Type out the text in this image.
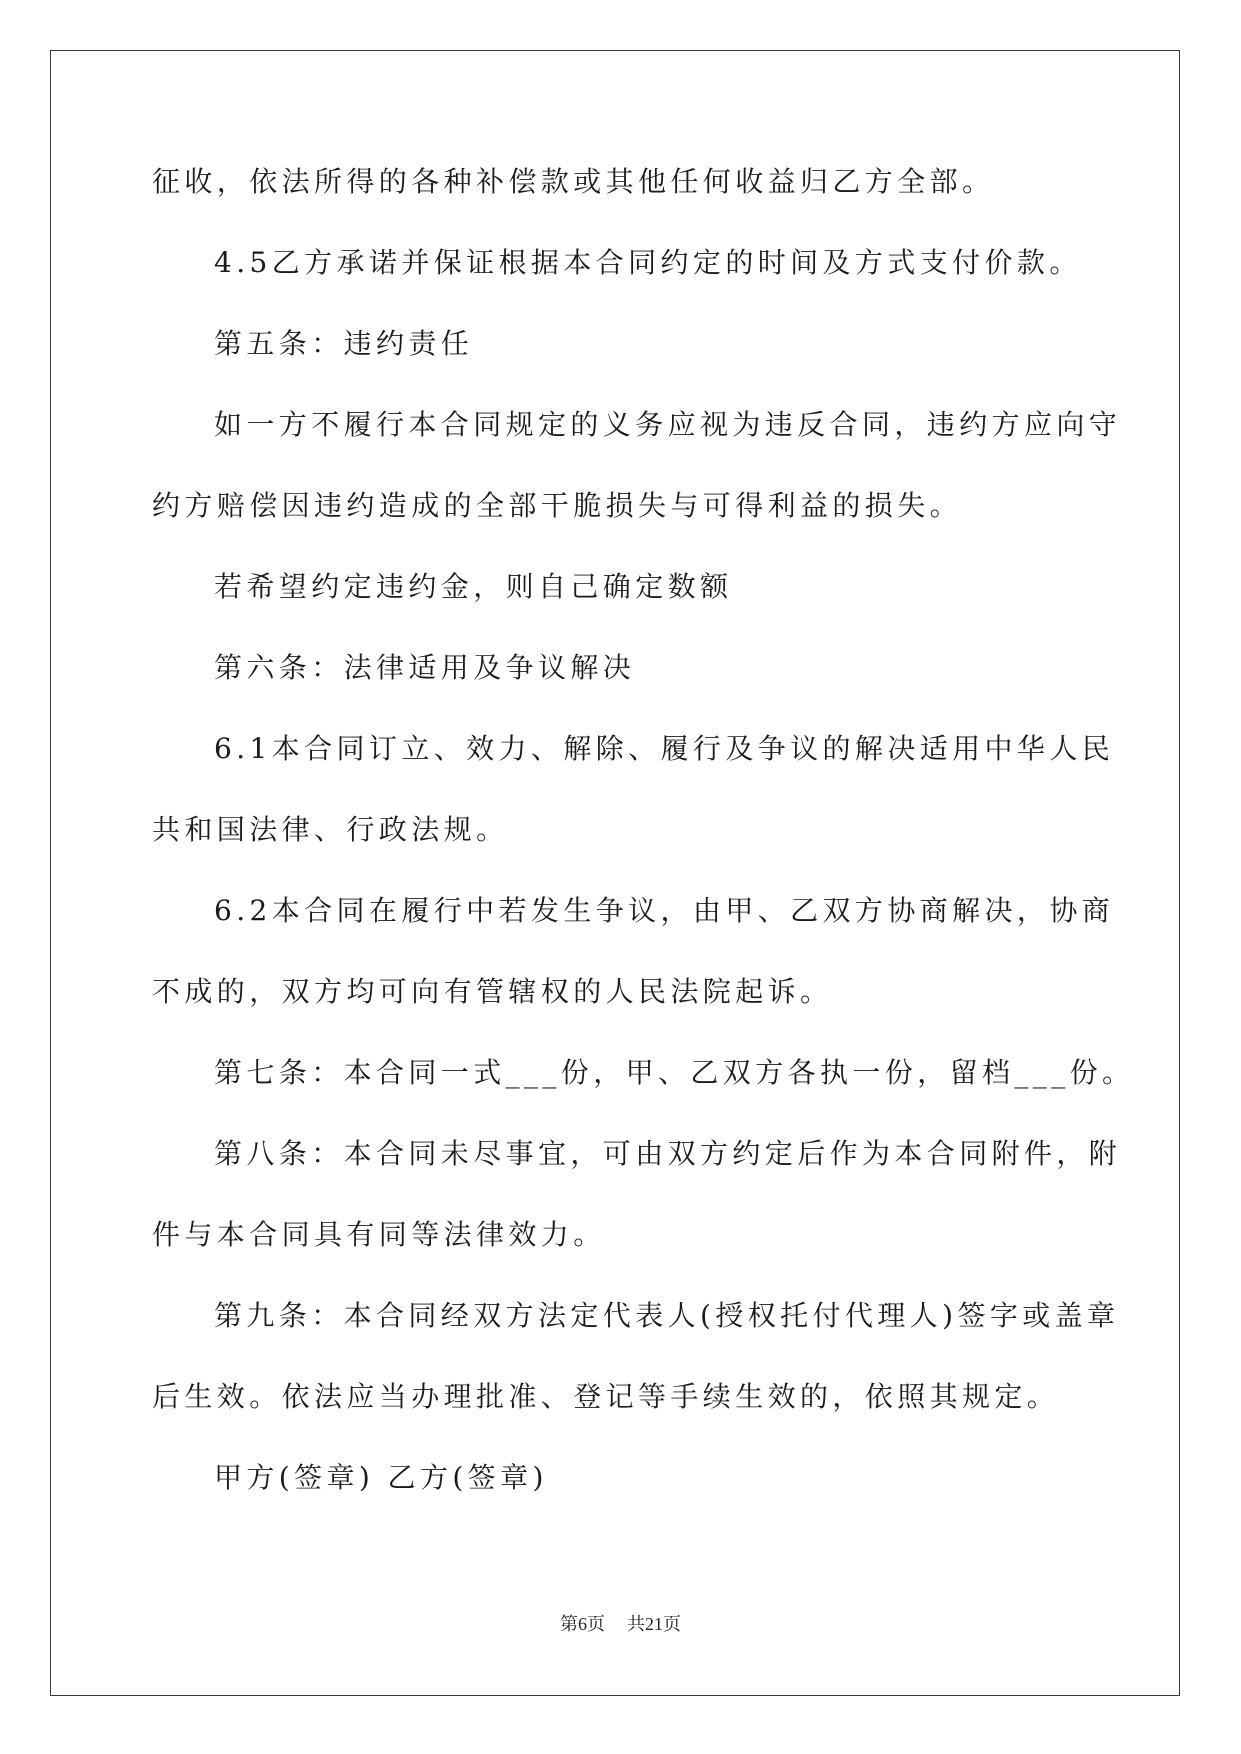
征收，依法所得的各种补偿款或其他任何收益归乙方全部。
4.5乙方承诺并保证根据本合同约定的时间及方式支付价款。
第五条：违约责任
如一方不履行本合同规定的义务应视为违反合同，违约方应向守
约方赔偿因违约造成的全部干脆损失与可得利益的损失。
若希望约定违约金，则自己确定数额
第六条：法律适用及争议解决
6.1本合同订立、效力、解除、履行及争议的解决适用中华人民
共和国法律、行政法规。
6.2本合同在履行中若发生争议，由甲、乙双方协商解决，协商
不成的，双方均可向有管辖权的人民法院起诉。
第七条：本合同一式___份，甲、乙双方各执一份，留档___份。
第八条：本合同未尽事宜，可由双方约定后作为本合同附件，附
件与本合同具有同等法律效力。
第九条：本合同经双方法定代表人(授权托付代理人)签字或盖章
后生效。依法应当办理批准、登记等手续生效的，依照其规定。
甲方(签章) 乙方(签章)
第6页 共21页
